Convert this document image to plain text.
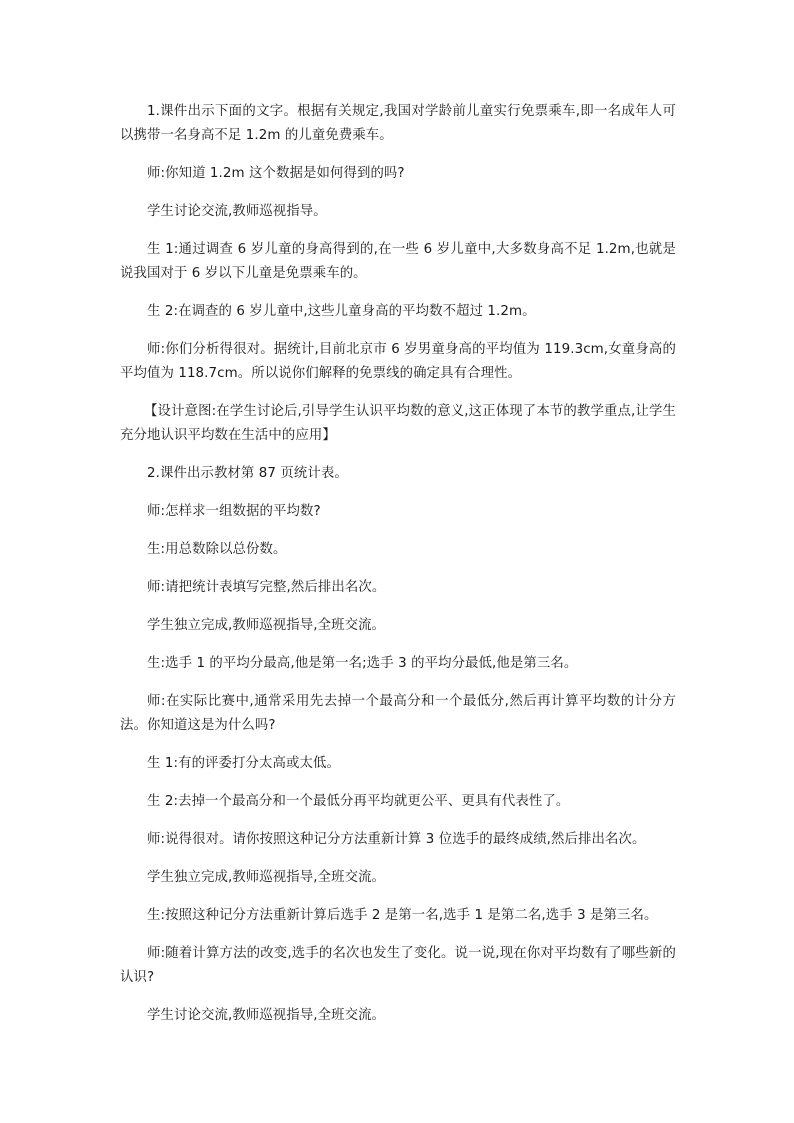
1.课件出示下面的文字。根据有关规定,我国对学龄前儿童实行免票乘车,即一名成年人可以携带一名身高不足 1.2m 的儿童免费乘车。

师:你知道 1.2m 这个数据是如何得到的吗?

学生讨论交流,教师巡视指导。

生 1:通过调查 6 岁儿童的身高得到的,在一些 6 岁儿童中,大多数身高不足 1.2m,也就是说我国对于 6 岁以下儿童是免票乘车的。

生 2:在调查的 6 岁儿童中,这些儿童身高的平均数不超过 1.2m。

师:你们分析得很对。据统计,目前北京市 6 岁男童身高的平均值为 119.3cm,女童身高的平均值为 118.7cm。所以说你们解释的免票线的确定具有合理性。

【设计意图:在学生讨论后,引导学生认识平均数的意义,这正体现了本节的教学重点,让学生充分地认识平均数在生活中的应用】

2.课件出示教材第 87 页统计表。

师:怎样求一组数据的平均数?

生:用总数除以总份数。

师:请把统计表填写完整,然后排出名次。

学生独立完成,教师巡视指导,全班交流。

生:选手 1 的平均分最高,他是第一名;选手 3 的平均分最低,他是第三名。

师:在实际比赛中,通常采用先去掉一个最高分和一个最低分,然后再计算平均数的计分方法。你知道这是为什么吗?

生 1:有的评委打分太高或太低。

生 2:去掉一个最高分和一个最低分再平均就更公平、更具有代表性了。

师:说得很对。请你按照这种记分方法重新计算 3 位选手的最终成绩,然后排出名次。

学生独立完成,教师巡视指导,全班交流。

生:按照这种记分方法重新计算后选手 2 是第一名,选手 1 是第二名,选手 3 是第三名。

师:随着计算方法的改变,选手的名次也发生了变化。说一说,现在你对平均数有了哪些新的认识?

学生讨论交流,教师巡视指导,全班交流。
